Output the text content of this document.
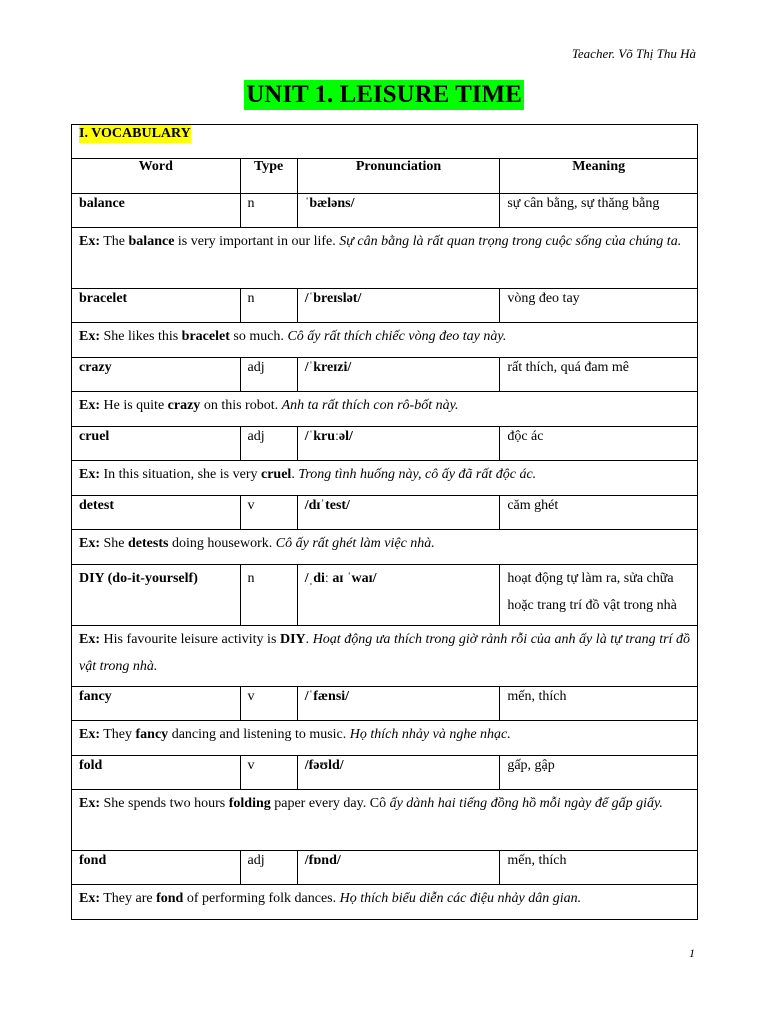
Teacher. Võ Thị Thu Hà
UNIT 1. LEISURE TIME
I. VOCABULARY			
Word	Type	Pronunciation	Meaning
balance	n	ˈbæləns/	sự cân bằng, sự thăng bằng
Ex: The balance is very important in our life. Sự cân bằng là rất quan trọng trong cuộc sống của chúng ta.			
bracelet	n	/ˈbreɪslət/	vòng đeo tay
Ex: She likes this bracelet so much. Cô ấy rất thích chiếc vòng đeo tay này.			
crazy	adj	/ˈkreɪzi/	rất thích, quá đam mê
Ex: He is quite crazy on this robot. Anh ta rất thích con rô-bốt này.			
cruel	adj	/ˈkruːəl/	độc ác
Ex: In this situation, she is very cruel. Trong tình huống này, cô ấy đã rất độc ác.			
detest	v	/dɪˈtest/	căm ghét
Ex: She detests doing housework. Cô ấy rất ghét làm việc nhà.			
DIY (do-it-yourself)	n	/ˌdiː aɪ ˈwaɪ/	hoạt động tự làm ra, sửa chữa hoặc trang trí đồ vật trong nhà
Ex: His favourite leisure activity is DIY. Hoạt động ưa thích trong giờ rảnh rỗi của anh ấy là tự trang trí đồ vật trong nhà.			
fancy	v	/ˈfænsi/	mến, thích
Ex: They fancy dancing and listening to music. Họ thích nhảy và nghe nhạc.			
fold	v	/fəʊld/	gấp, gập
Ex: She spends two hours folding paper every day. Cô ấy dành hai tiếng đồng hồ mỗi ngày để gấp giấy.			
fond	adj	/fɒnd/	mến, thích
Ex: They are fond of performing folk dances. Họ thích biểu diễn các điệu nhảy dân gian.			
1
